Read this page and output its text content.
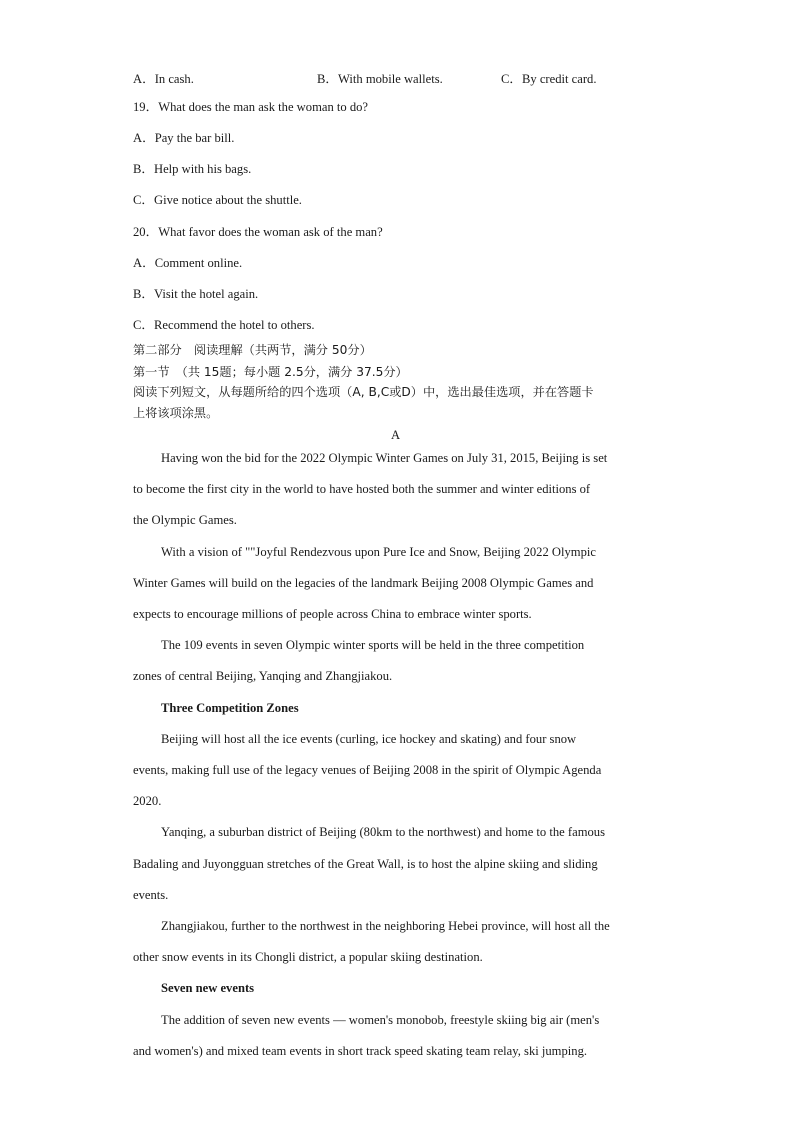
A．In cash.	B．With mobile wallets.	C．By credit card.
19．What does the man ask the woman to do?
A．Pay the bar bill.
B．Help with his bags.
C．Give notice about the shuttle.
20．What favor does the woman ask of the man?
A．Comment online.
B．Visit the hotel again.
C．Recommend the hotel to others.
第二部分　阅读理解（共两节，满分 50分）
第一节　（共 15题；每小题 2.5分，满分 37.5分）
阅读下列短文，从每题所给的四个选项（A, B,C或D）中，选出最佳选项，并在答题卡
上将该项涂黑。
A
Having won the bid for the 2022 Olympic Winter Games on July 31, 2015, Beijing is set
to become the first city in the world to have hosted both the summer and winter editions of
the Olympic Games.
With a vision of ""Joyful Rendezvous upon Pure Ice and Snow, Beijing 2022 Olympic
Winter Games will build on the legacies of the landmark Beijing 2008 Olympic Games and
expects to encourage millions of people across China to embrace winter sports.
The 109 events in seven Olympic winter sports will be held in the three competition
zones of central Beijing, Yanqing and Zhangjiakou.
Three Competition Zones
Beijing will host all the ice events (curling, ice hockey and skating) and four snow
events, making full use of the legacy venues of Beijing 2008 in the spirit of Olympic Agenda
2020.
Yanqing, a suburban district of Beijing (80km to the northwest) and home to the famous
Badaling and Juyongguan stretches of the Great Wall, is to host the alpine skiing and sliding
events.
Zhangjiakou, further to the northwest in the neighboring Hebei province, will host all the
other snow events in its Chongli district, a popular skiing destination.
Seven new events
The addition of seven new events — women's monobob, freestyle skiing big air (men's
and women's) and mixed team events in short track speed skating team relay, ski jumping.
